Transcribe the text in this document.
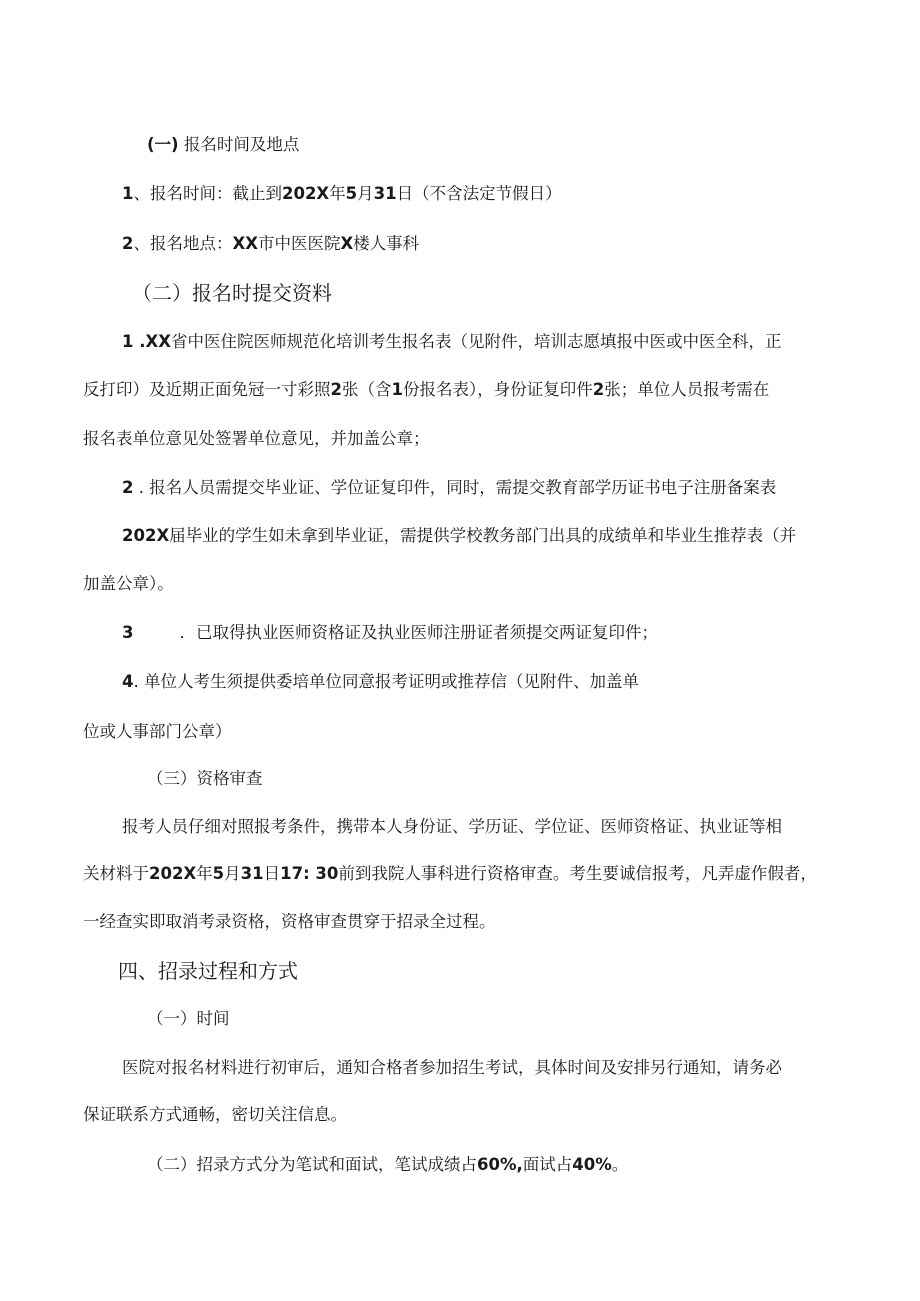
(一) 报名时间及地点
1、报名时间：截止到202X年5月31日（不含法定节假日）
2、报名地点：XX市中医医院X楼人事科
（二）报名时提交资料
1 .XX省中医住院医师规范化培训考生报名表（见附件，培训志愿填报中医或中医全科，正
反打印）及近期正面免冠一寸彩照2张（含1份报名表），身份证复印件2张；单位人员报考需在
报名表单位意见处签署单位意见，并加盖公章；
2 . 报名人员需提交毕业证、学位证复印件，同时，需提交教育部学历证书电子注册备案表
202X届毕业的学生如未拿到毕业证，需提供学校教务部门出具的成绩单和毕业生推荐表（并
加盖公章）。
3	．已取得执业医师资格证及执业医师注册证者须提交两证复印件；
4. 单位人考生须提供委培单位同意报考证明或推荐信（见附件、加盖单
位或人事部门公章）
（三）资格审查
报考人员仔细对照报考条件，携带本人身份证、学历证、学位证、医师资格证、执业证等相
关材料于202X年5月31日17: 30前到我院人事科进行资格审查。考生要诚信报考，凡弄虚作假者，
一经查实即取消考录资格，资格审查贯穿于招录全过程。
四、招录过程和方式
（一）时间
医院对报名材料进行初审后，通知合格者参加招生考试，具体时间及安排另行通知，请务必
保证联系方式通畅，密切关注信息。
（二）招录方式分为笔试和面试，笔试成绩占60%,面试占40%。
